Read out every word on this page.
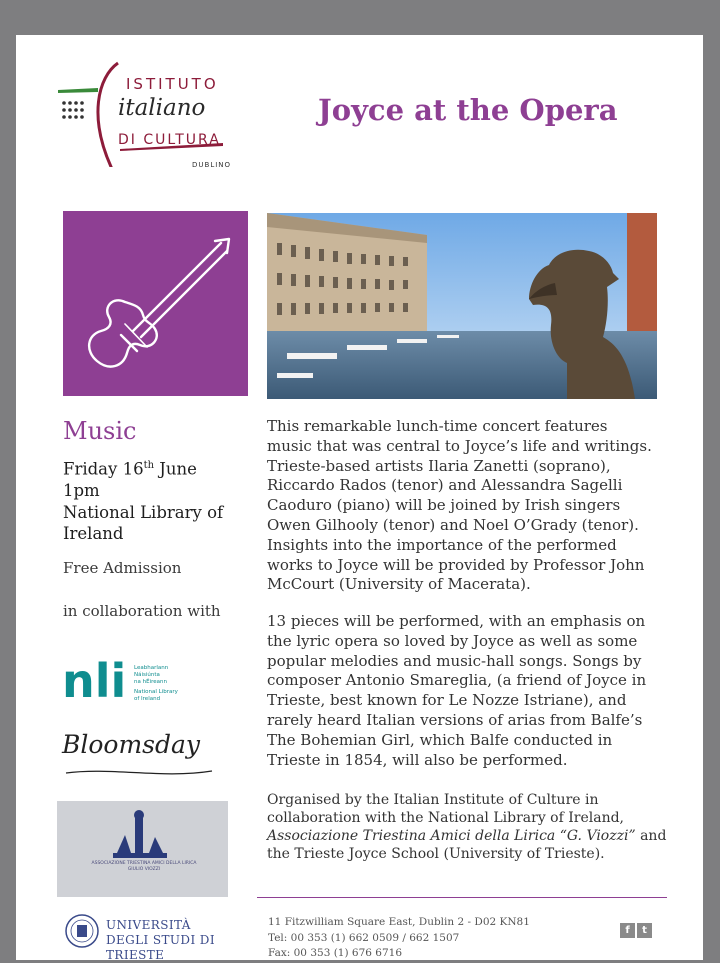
ISTITUTO
italiano
DI CULTURA
DUBLINO
Joyce at the Opera
Music
Friday 16th June
1pm
National Library of
Ireland
Free Admission
in collaboration with
nli Leabharlann
Náisiúnta
na hÉireann
National Library
of Ireland
Bloomsday
ASSOCIAZIONE TRIESTINA AMICI DELLA LIRICA
GIULIO VIOZZI
This remarkable lunch-time concert features
music that was central to Joyce’s life and writings.
Trieste-based artists Ilaria Zanetti (soprano),
Riccardo Rados (tenor) and Alessandra Sagelli
Caoduro (piano) will be joined by Irish singers
Owen Gilhooly (tenor) and Noel O’Grady (tenor).
Insights into the importance of the performed
works to Joyce will be provided by Professor John
McCourt (University of Macerata).
13 pieces will be performed, with an emphasis on
the lyric opera so loved by Joyce as well as some
popular melodies and music-hall songs. Songs by
composer Antonio Smareglia, (a friend of Joyce in
Trieste, best known for Le Nozze Istriane), and
rarely heard Italian versions of arias from Balfe’s
The Bohemian Girl, which Balfe conducted in
Trieste in 1854, will also be performed.
Organised by the Italian Institute of Culture in
collaboration with the National Library of Ireland,
Associazione Triestina Amici della Lirica “G. Viozzi” and
the Trieste Joyce School (University of Trieste).
UNIVERSITÀ
DEGLI STUDI DI TRIESTE
11 Fitzwilliam Square East, Dublin 2 - D02 KN81
Tel: 00 353 (1) 662 0509 / 662 1507
Fax: 00 353 (1) 676 6716
f t
